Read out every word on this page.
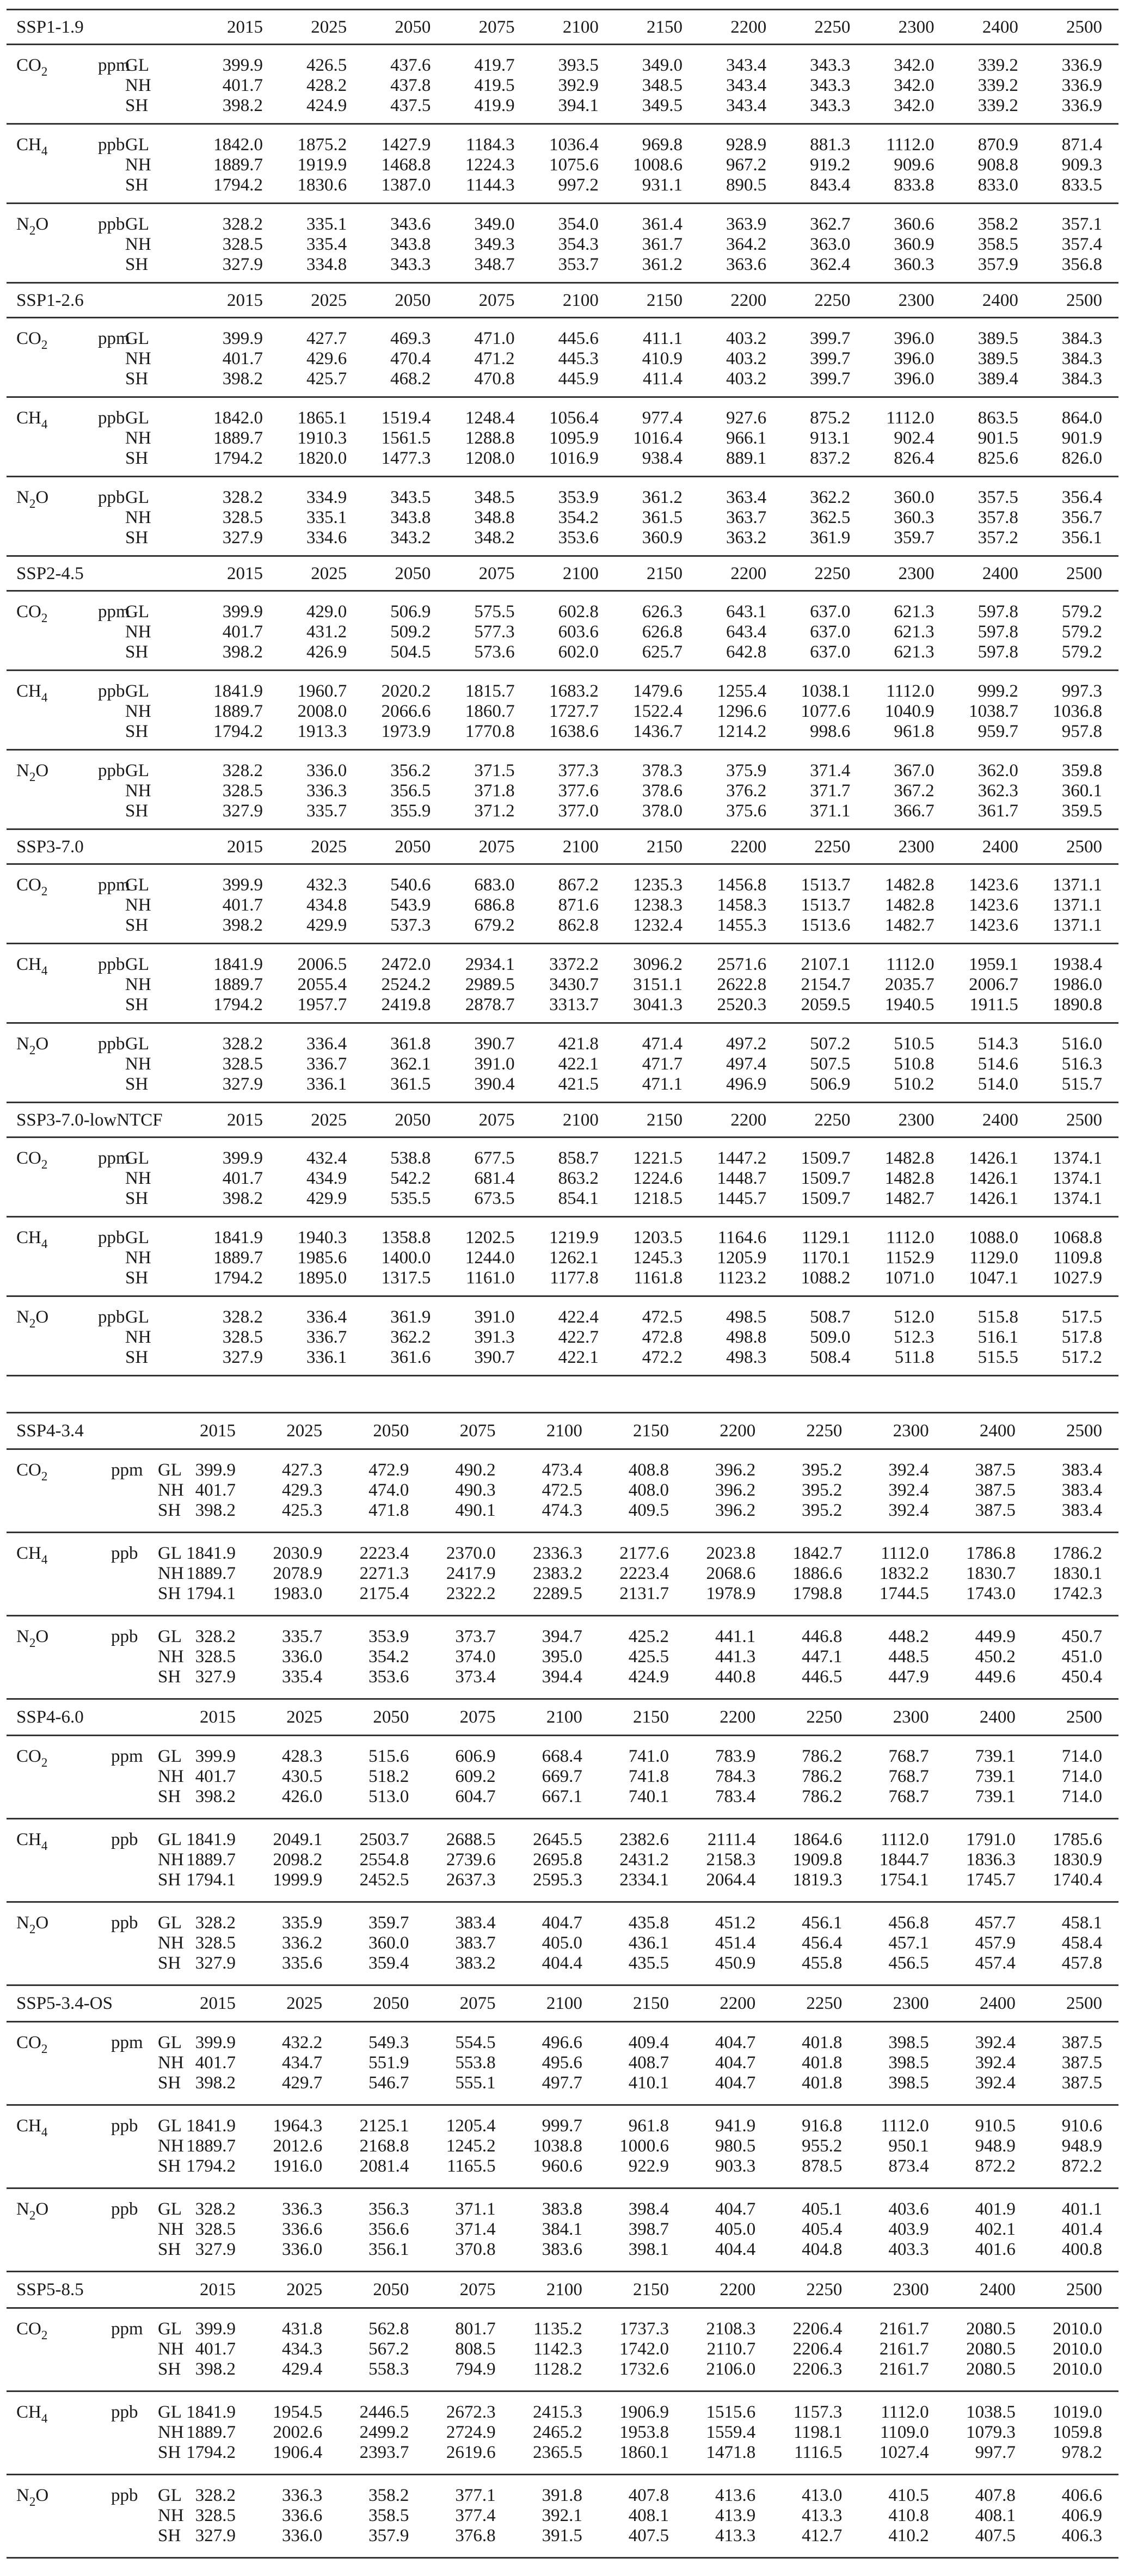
SSP1-1.9	2015	2025	2050	2075	2100	2150	2200	2250	2300	2400	2500
$CO_2$	ppm
GL	399.9 426.5 437.6 419.7 393.5 349.0 343.4 343.3 342.0 339.2 336.9
NH	401.7 428.2 437.8 419.5 392.9 348.5 343.4 343.3 342.0 339.2 336.9
SH	398.2 424.9 437.5 419.9 394.1 349.5 343.4 343.3 342.0 339.2 336.9
$CH_4$	ppb GL	1842.0 1875.2 1427.9 1184.3 1036.4 969.8 928.9 881.3 1112.0 870.9 871.4
NH	1889.7 1919.9 1468.8 1224.3 1075.6 1008.6 967.2 919.2 909.6 908.8 909.3
SH	1794.2 1830.6 1387.0 1144.3 997.2 931.1 890.5 843.4 833.8 833.0 833.5
$N_2O$	ppb GL	328.2 335.1 343.6 349.0 354.0 361.4 363.9 362.7 360.6 358.2 357.1
NH	328.5 335.4 343.8 349.3 354.3 361.7 364.2 363.0 360.9 358.5 357.4
SH	327.9 334.8 343.3 348.7 353.7 361.2 363.6 362.4 360.3 357.9 356.8
SSP1-2.6	2015	2025	2050	2075	2100	2150	2200	2250	2300	2400	2500
$CO_2$	ppm
GL	399.9 427.7 469.3 471.0 445.6 411.1 403.2 399.7 396.0 389.5 384.3
NH	401.7 429.6 470.4 471.2 445.3 410.9 403.2 399.7 396.0 389.5 384.3
SH	398.2 425.7 468.2 470.8 445.9 411.4 403.2 399.7 396.0 389.4 384.3
$CH_4$	ppb GL	1842.0 1865.1 1519.4 1248.4 1056.4 977.4 927.6 875.2 1112.0 863.5 864.0
NH	1889.7 1910.3 1561.5 1288.8 1095.9 1016.4 966.1 913.1 902.4 901.5 901.9
SH	1794.2 1820.0 1477.3 1208.0 1016.9 938.4 889.1 837.2 826.4 825.6 826.0
$N_2O$	ppb GL	328.2 334.9 343.5 348.5 353.9 361.2 363.4 362.2 360.0 357.5 356.4
NH	328.5 335.1 343.8 348.8 354.2 361.5 363.7 362.5 360.3 357.8 356.7
SH	327.9 334.6 343.2 348.2 353.6 360.9 363.2 361.9 359.7 357.2 356.1
SSP2-4.5	2015	2025	2050	2075	2100	2150	2200	2250	2300	2400	2500
$CO_2$	ppm
GL	399.9 429.0 506.9 575.5 602.8 626.3 643.1 637.0 621.3 597.8 579.2
NH	401.7 431.2 509.2 577.3 603.6 626.8 643.4 637.0 621.3 597.8 579.2
SH	398.2 426.9 504.5 573.6 602.0 625.7 642.8 637.0 621.3 597.8 579.2
$CH_4$	ppb GL	1841.9 1960.7 2020.2 1815.7 1683.2 1479.6 1255.4 1038.1 1112.0 999.2 997.3
NH	1889.7 2008.0 2066.6 1860.7 1727.7 1522.4 1296.6 1077.6 1040.9 1038.7 1036.8
SH	1794.2 1913.3 1973.9 1770.8 1638.6 1436.7 1214.2 998.6 961.8 959.7 957.8
$N_2O$	ppb GL	328.2 336.0 356.2 371.5 377.3 378.3 375.9 371.4 367.0 362.0 359.8
NH	328.5 336.3 356.5 371.8 377.6 378.6 376.2 371.7 367.2 362.3 360.1
SH	327.9 335.7 355.9 371.2 377.0 378.0 375.6 371.1 366.7 361.7 359.5
SSP3-7.0	2015	2025	2050	2075	2100	2150	2200	2250	2300	2400	2500
$CO_2$	ppm
GL	399.9 432.3 540.6 683.0 867.2 1235.3 1456.8 1513.7 1482.8 1423.6 1371.1
NH	401.7 434.8 543.9 686.8 871.6 1238.3 1458.3 1513.7 1482.8 1423.6 1371.1
SH	398.2 429.9 537.3 679.2 862.8 1232.4 1455.3 1513.6 1482.7 1423.6 1371.1
$CH_4$	ppb GL	1841.9 2006.5 2472.0 2934.1 3372.2 3096.2 2571.6 2107.1 1112.0 1959.1 1938.4
NH	1889.7 2055.4 2524.2 2989.5 3430.7 3151.1 2622.8 2154.7 2035.7 2006.7 1986.0
SH	1794.2 1957.7 2419.8 2878.7 3313.7 3041.3 2520.3 2059.5 1940.5 1911.5 1890.8
$N_2O$	ppb GL	328.2 336.4 361.8 390.7 421.8 471.4 497.2 507.2 510.5 514.3 516.0
NH	328.5 336.7 362.1 391.0 422.1 471.7 497.4 507.5 510.8 514.6 516.3
SH	327.9 336.1 361.5 390.4 421.5 471.1 496.9 506.9 510.2 514.0 515.7
SSP3-7.0-lowNTCF	2015	2025	2050	2075	2100	2150	2200	2250	2300	2400	2500
$CO_2$	ppm
GL	399.9 432.4 538.8 677.5 858.7 1221.5 1447.2 1509.7 1482.8 1426.1 1374.1
NH	401.7 434.9 542.2 681.4 863.2 1224.6 1448.7 1509.7 1482.8 1426.1 1374.1
SH	398.2 429.9 535.5 673.5 854.1 1218.5 1445.7 1509.7 1482.7 1426.1 1374.1
$CH_4$	ppb GL	1841.9 1940.3 1358.8 1202.5 1219.9 1203.5 1164.6 1129.1 1112.0 1088.0 1068.8
NH	1889.7 1985.6 1400.0 1244.0 1262.1 1245.3 1205.9 1170.1 1152.9 1129.0 1109.8
SH	1794.2 1895.0 1317.5 1161.0 1177.8 1161.8 1123.2 1088.2 1071.0 1047.1 1027.9
$N_2O$	ppb GL	328.2 336.4 361.9 391.0 422.4 472.5 498.5 508.7 512.0 515.8 517.5
NH	328.5 336.7 362.2 391.3 422.7 472.8 498.8 509.0 512.3 516.1 517.8
SH	327.9 336.1 361.6 390.7 422.1 472.2 498.3 508.4 511.8 515.5 517.2
SSP4-3.4	2015	2025	2050	2075	2100	2150	2200	2250	2300	2400	2500
$CO_2$	ppm GL 399.9	427.3	472.9	490.2	473.4	408.8	396.2	395.2	392.4	387.5	383.4
NH 401.7	429.3	474.0	490.3	472.5	408.0	396.2	395.2	392.4	387.5	383.4
SH 398.2	425.3	471.8	490.1	474.3	409.5	396.2	395.2	392.4	387.5	383.4
$CH_4$	ppb GL 1841.9 2030.9 2223.4 2370.0 2336.3 2177.6 2023.8 1842.7 1112.0 1786.8 1786.2
NH 1889.7 2078.9 2271.3 2417.9 2383.2 2223.4 2068.6 1886.6 1832.2 1830.7 1830.1
SH 1794.1 1983.0 2175.4 2322.2 2289.5 2131.7 1978.9 1798.8 1744.5 1743.0 1742.3
$N_2O$	ppb GL 328.2	335.7	353.9	373.7	394.7	425.2	441.1	446.8	448.2	449.9	450.7
NH 328.5	336.0	354.2	374.0	395.0	425.5	441.3	447.1	448.5	450.2	451.0
SH 327.9	335.4	353.6	373.4	394.4	424.9	440.8	446.5	447.9	449.6	450.4
SSP4-6.0	2015	2025	2050	2075	2100	2150	2200	2250	2300	2400	2500
$CO_2$	ppm GL 399.9	428.3	515.6	606.9	668.4	741.0	783.9	786.2	768.7	739.1	714.0
NH 401.7	430.5	518.2	609.2	669.7	741.8	784.3	786.2	768.7	739.1	714.0
SH 398.2	426.0	513.0	604.7	667.1	740.1	783.4	786.2	768.7	739.1	714.0
$CH_4$	ppb GL 1841.9 2049.1 2503.7 2688.5 2645.5 2382.6 2111.4 1864.6 1112.0 1791.0 1785.6
NH 1889.7 2098.2 2554.8 2739.6 2695.8 2431.2 2158.3 1909.8 1844.7 1836.3 1830.9
SH 1794.1 1999.9 2452.5 2637.3 2595.3 2334.1 2064.4 1819.3 1754.1 1745.7 1740.4
$N_2O$	ppb GL 328.2	335.9	359.7	383.4	404.7	435.8	451.2	456.1	456.8	457.7	458.1
NH 328.5	336.2	360.0	383.7	405.0	436.1	451.4	456.4	457.1	457.9	458.4
SH 327.9	335.6	359.4	383.2	404.4	435.5	450.9	455.8	456.5	457.4	457.8
SSP5-3.4-OS	2015	2025	2050	2075	2100	2150	2200	2250	2300	2400	2500
$CO_2$	ppm GL 399.9	432.2	549.3	554.5	496.6	409.4	404.7	401.8	398.5	392.4	387.5
NH 401.7	434.7	551.9	553.8	495.6	408.7	404.7	401.8	398.5	392.4	387.5
SH 398.2	429.7	546.7	555.1	497.7	410.1	404.7	401.8	398.5	392.4	387.5
$CH_4$	ppb GL 1841.9 1964.3 2125.1 1205.4	999.7	961.8	941.9	916.8 1112.0	910.5	910.6
NH 1889.7 2012.6 2168.8 1245.2 1038.8 1000.6	980.5	955.2	950.1	948.9	948.9
SH 1794.2 1916.0 2081.4 1165.5	960.6	922.9	903.3	878.5	873.4	872.2	872.2
$N_2O$	ppb GL 328.2	336.3	356.3	371.1	383.8	398.4	404.7	405.1	403.6	401.9	401.1
NH 328.5	336.6	356.6	371.4	384.1	398.7	405.0	405.4	403.9	402.1	401.4
SH 327.9	336.0	356.1	370.8	383.6	398.1	404.4	404.8	403.3	401.6	400.8
SSP5-8.5	2015	2025	2050	2075	2100	2150	2200	2250	2300	2400	2500
$CO_2$	ppm GL 399.9	431.8	562.8	801.7 1135.2 1737.3 2108.3 2206.4 2161.7 2080.5 2010.0
NH 401.7	434.3	567.2	808.5 1142.3 1742.0 2110.7 2206.4 2161.7 2080.5 2010.0
SH 398.2	429.4	558.3	794.9 1128.2 1732.6 2106.0 2206.3 2161.7 2080.5 2010.0
$CH_4$	ppb GL 1841.9 1954.5 2446.5 2672.3 2415.3 1906.9 1515.6 1157.3 1112.0 1038.5 1019.0
NH 1889.7 2002.6 2499.2 2724.9 2465.2 1953.8 1559.4 1198.1 1109.0 1079.3 1059.8
SH 1794.2 1906.4 2393.7 2619.6 2365.5 1860.1 1471.8 1116.5 1027.4	997.7	978.2
$N_2O$	ppb GL 328.2	336.3	358.2	377.1	391.8	407.8	413.6	413.0	410.5	407.8	406.6
NH 328.5	336.6	358.5	377.4	392.1	408.1	413.9	413.3	410.8	408.1	406.9
SH 327.9	336.0	357.9	376.8	391.5	407.5	413.3	412.7	410.2	407.5	406.3
